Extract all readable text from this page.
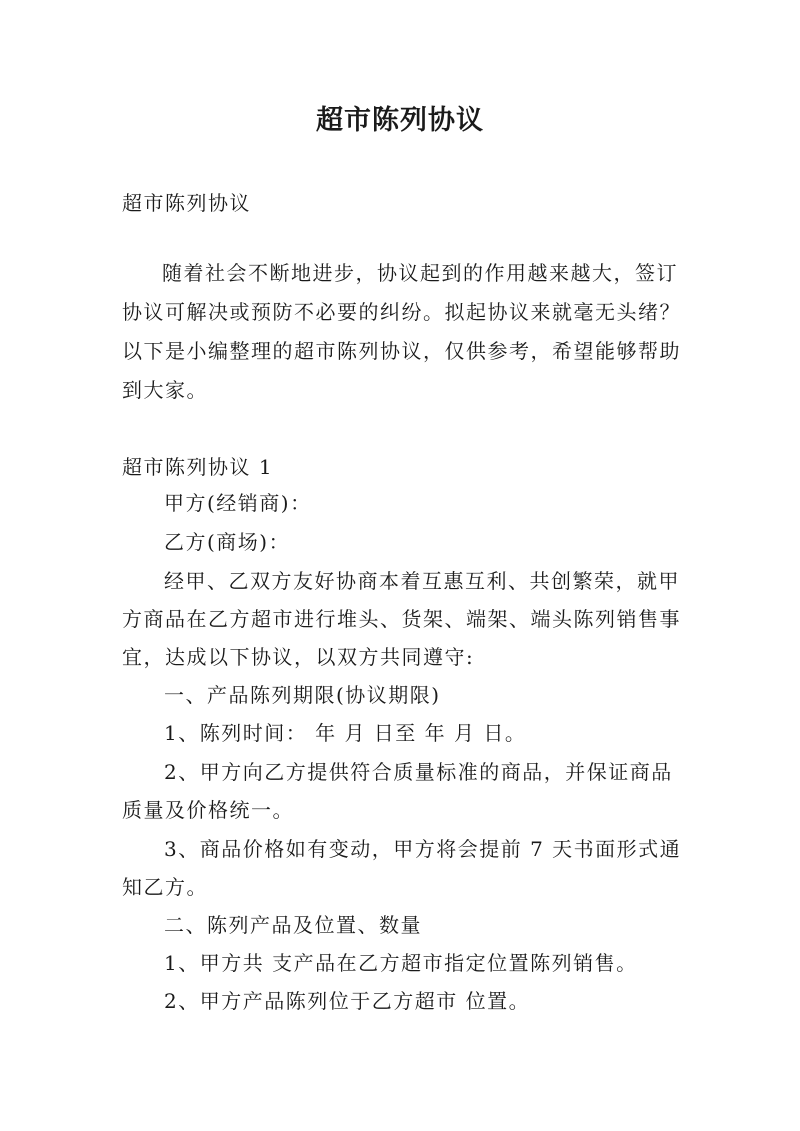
超市陈列协议
超市陈列协议
随着社会不断地进步，协议起到的作用越来越大，签订协议可解决或预防不必要的纠纷。拟起协议来就毫无头绪？以下是小编整理的超市陈列协议，仅供参考，希望能够帮助到大家。
超市陈列协议 1
甲方(经销商)：
乙方(商场)：
经甲、乙双方友好协商本着互惠互利、共创繁荣，就甲
方商品在乙方超市进行堆头、货架、端架、端头陈列销售事
宜，达成以下协议，以双方共同遵守:
一、产品陈列期限(协议期限)
1、陈列时间： 年 月 日至 年 月 日。
2、甲方向乙方提供符合质量标准的商品，并保证商品
质量及价格统一。
3、商品价格如有变动，甲方将会提前 7 天书面形式通
知乙方。
二、陈列产品及位置、数量
1、甲方共 支产品在乙方超市指定位置陈列销售。
2、甲方产品陈列位于乙方超市 位置。
